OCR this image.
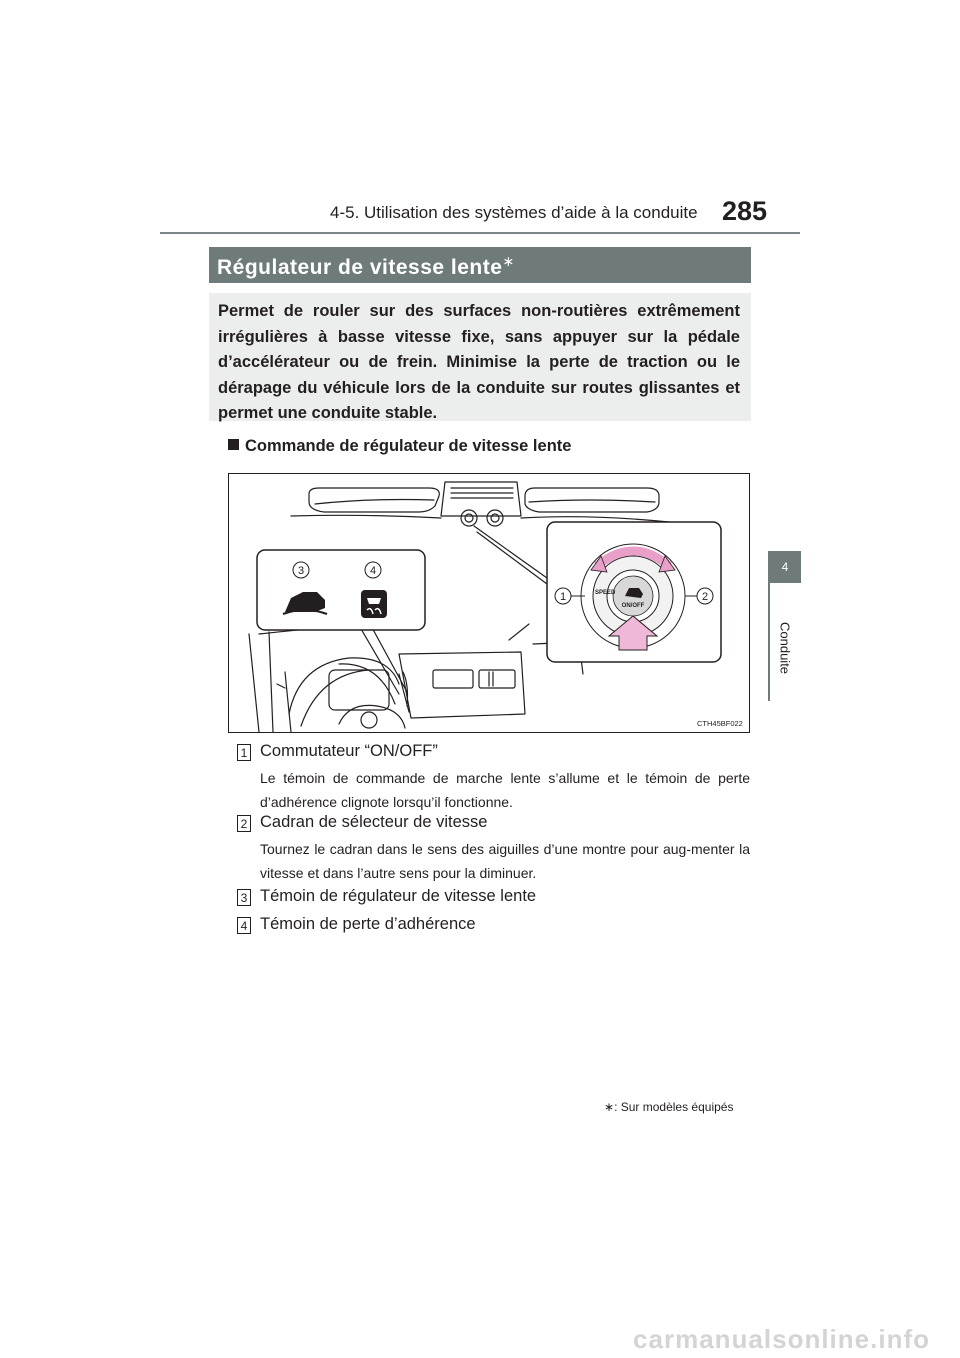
4-5. Utilisation des systèmes d’aide à la conduite 285
4
Conduite
Régulateur de vitesse lente∗
Permet de rouler sur des surfaces non-routières extrêmement irrégulières à basse vitesse fixe, sans appuyer sur la pédale d’accélérateur ou de frein. Minimise la perte de traction ou le dérapage du véhicule lors de la conduite sur routes glissantes et permet une conduite stable.
Commande de régulateur de vitesse lente
3	4
ON/OFF
SPEED
1	2
CTH45BF022
1 Commutateur “ON/OFF”
Le témoin de commande de marche lente s’allume et le témoin de perte d’adhérence clignote lorsqu’il fonctionne.
2 Cadran de sélecteur de vitesse
Tournez le cadran dans le sens des aiguilles d’une montre pour aug-menter la vitesse et dans l’autre sens pour la diminuer.
3 Témoin de régulateur de vitesse lente
4 Témoin de perte d’adhérence
∗: Sur modèles équipés
carmanualsonline.info
